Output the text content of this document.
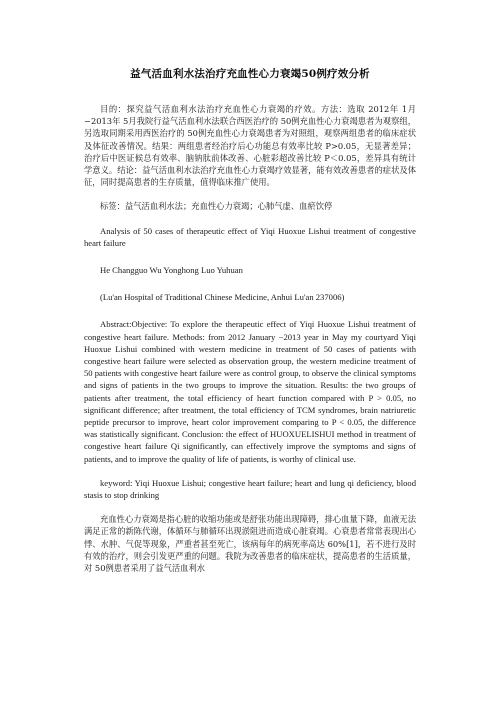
益气活血利水法治疗充血性心力衰竭50例疗效分析

目的：探究益气活血利水法治疗充血性心力衰竭的疗效。方法：选取 2012年 1月−2013年 5月我院行益气活血利水法联合西医治疗的 50例充血性心力衰竭患者为观察组，另选取同期采用西医治疗的 50例充血性心力衰竭患者为对照组，观察两组患者的临床症状及体征改善情况。结果：两组患者经治疗后心功能总有效率比较 P>0.05，无显著差异；治疗后中医证候总有效率、脑钠肽前体改善、心脏彩超改善比较 P＜0.05，差异具有统计学意义。结论：益气活血利水法治疗充血性心力衰竭疗效显著，能有效改善患者的症状及体征，同时提高患者的生存质量，值得临床推广使用。

标签：益气活血利水法；充血性心力衰竭；心肺气虚、血瘀饮停

Analysis of 50 cases of therapeutic effect of Yiqi Huoxue Lishui treatment of congestive heart failure

He Changguo Wu Yonghong Luo Yuhuan

(Lu'an Hospital of Traditional Chinese Medicine, Anhui Lu'an 237006)

Abstract:Objective: To explore the therapeutic effect of Yiqi Huoxue Lishui treatment of congestive heart failure. Methods: from 2012 January −2013 year in May my courtyard Yiqi Huoxue Lishui combined with western medicine in treatment of 50 cases of patients with congestive heart failure were selected as observation group, the western medicine treatment of 50 patients with congestive heart failure were as control group, to observe the clinical symptoms and signs of patients in the two groups to improve the situation. Results: the two groups of patients after treatment, the total efficiency of heart function compared with P > 0.05, no significant difference; after treatment, the total efficiency of TCM syndromes, brain natriuretic peptide precursor to improve, heart color improvement comparing to P < 0.05, the difference was statistically significant. Conclusion: the effect of HUOXUELISHUI method in treatment of congestive heart failure Qi significantly, can effectively improve the symptoms and signs of patients, and to improve the quality of life of patients, is worthy of clinical use.

keyword: Yiqi Huoxue Lishui; congestive heart failure; heart and lung qi deficiency, blood stasis to stop drinking

充血性心力衰竭是指心脏的收缩功能或是舒张功能出现障碍，排心血量下降，血液无法满足正常的新陈代谢，体循环与肺循环出现淤阻进而造成心脏衰竭。心衰患者常常表现出心悸、水肿、气促等现象，严重者甚至死亡，该病每年的病死率高达 60%[1]，若不进行及时有效的治疗，则会引发更严重的问题。我院为改善患者的临床症状，提高患者的生活质量，对 50例患者采用了益气活血利水
